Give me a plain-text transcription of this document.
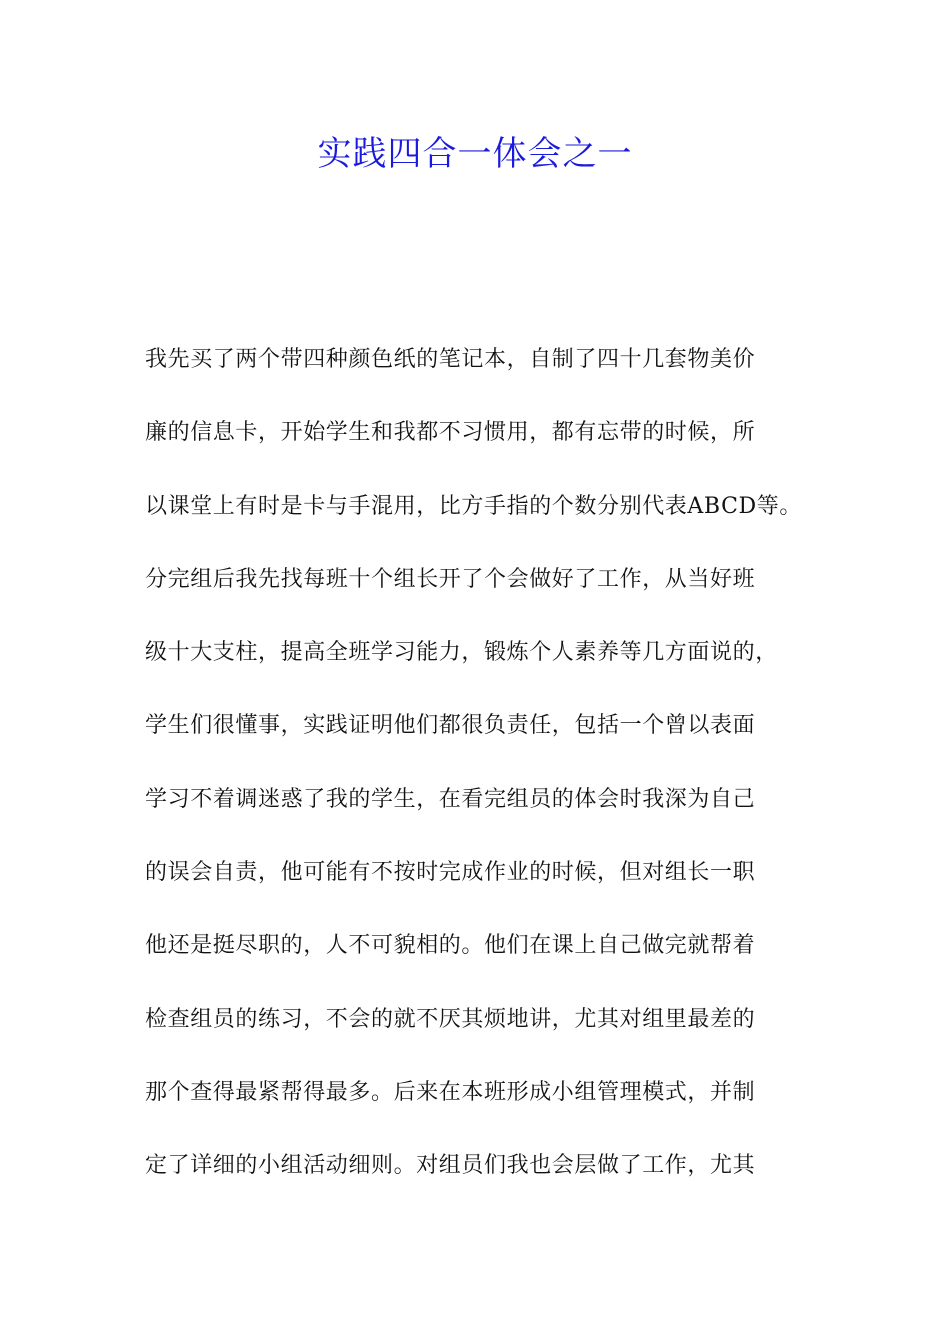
实践四合一体会之一
我先买了两个带四种颜色纸的笔记本，自制了四十几套物美价
廉的信息卡，开始学生和我都不习惯用，都有忘带的时候，所
以课堂上有时是卡与手混用，比方手指的个数分别代表ABCD等。
分完组后我先找每班十个组长开了个会做好了工作，从当好班
级十大支柱，提高全班学习能力，锻炼个人素养等几方面说的，
学生们很懂事，实践证明他们都很负责任，包括一个曾以表面
学习不着调迷惑了我的学生，在看完组员的体会时我深为自己
的误会自责，他可能有不按时完成作业的时候，但对组长一职
他还是挺尽职的，人不可貌相的。他们在课上自己做完就帮着
检查组员的练习，不会的就不厌其烦地讲，尤其对组里最差的
那个查得最紧帮得最多。后来在本班形成小组管理模式，并制
定了详细的小组活动细则。对组员们我也会层做了工作，尤其
